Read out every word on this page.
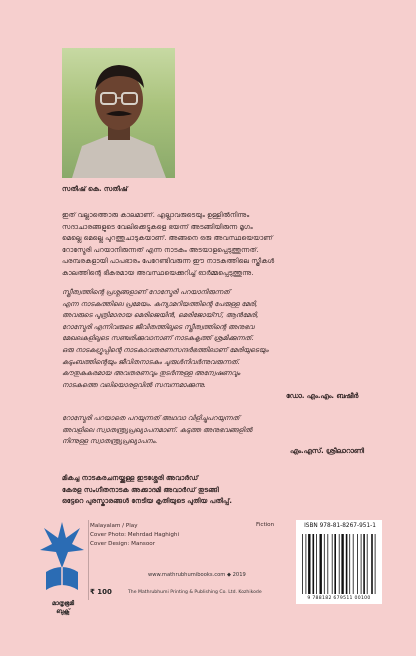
സതീഷ് കെ. സതീഷ്

ഇത് വല്ലാത്തൊരു കാലമാണ്. എല്ലാവരുടെയും ഉള്ളിൽനിന്നും
സദാചാരങ്ങളുടെ വേലിക്കെട്ടുകളെ ഭയന്ന് അടങ്ങിയിരുന്ന മൃഗം
മെല്ലെ മെല്ലെ പുറത്തുചാടുകയാണ്. അങ്ങനെ ഒരു അവസ്ഥയെയാണ്
റോസ്മേരി പറയാനിരുന്നത് എന്ന നാടകം അടയാളപ്പെടുത്തുന്നത്.
പരമ്പരകളായി പാപഭാരം പേറേണ്ടിവരുന്ന ഈ നാടകത്തിലെ സ്ത്രീകൾ
കാലത്തിന്റെ ഭീകരമായ അവസ്ഥയെക്കുറിച്ച് ഓർമ്മപ്പെടുത്തുന്നു.

സ്ത്രീത്വത്തിന്റെ പ്രശ്നങ്ങളാണ് റോസ്മേരി പറയാനിരുന്നത്
എന്ന നാടകത്തിലെ പ്രമേയം. കന്യാമറിയത്തിന്റെ പേരുള്ള മേരി,
അവരുടെ പുത്രിമാരായ മെരിജെയിൻ, മെരിജോയ്സ്, ആൻമേരി,
റോസ്മേരി എന്നിവരുടെ ജീവിതത്തിലൂടെ സ്ത്രീത്വത്തിന്റെ അനുഭവ
മേഖലകളിലൂടെ സഞ്ചരിക്കുവാനാണ് നാടകകൃത്ത് ശ്രമിക്കുന്നത്.
ഒരു നാടകഗ്രൂപ്പിന്റെ നാടകാവതരണസന്ദർഭത്തിലാണ് മേരിയുടെയും
കുടുംബത്തിന്റെയും ജീവിതനാടകം ചുരുൾനിവർന്നുവരുന്നത്.
കൗതുകകരമായ അവതരണവും തുടർന്നുള്ള അന്വേഷണവും
നാടകത്തെ വലിയൊരളവിൽ സമ്പന്നമാക്കുന്നു.

ഡോ. എം.എം. ബഷീർ

റോസ്മേരി പറയാതെ പറയുന്നത് അഥവാ വിളിച്ചുപറയുന്നത്
അവളിലെ സ്വാതന്ത്ര്യപ്രഖ്യാപനമാണ്. കടുത്ത അനുഭവങ്ങളിൽ
നിന്നുള്ള സ്വാതന്ത്ര്യപ്രഖ്യാപനം.

എം.എസ്. ശ്രീലാറാണി

മികച്ച നാടകരചനയ്ക്കുള്ള ഇടശ്ശേരി അവാർഡ്
കേരള സംഗീതനാടക അക്കാദമി അവാർഡ് തുടങ്ങി
ഒട്ടേറെ പുരസ്കാരങ്ങൾ നേടിയ കൃതിയുടെ പുതിയ പതിപ്പ്.

മാതൃഭൂമി
ബുക്സ്
Malayalam / Play
Cover Photo: Mehrdad Haghighi
Cover Design: Mansoor
Fiction
www.mathrubhumibooks.com ◆ 2019
₹ 100	The Mathrubhumi Printing & Publishing Co. Ltd. Kozhikode
ISBN 978-81-8267-951-1
9 788182 679511 00100
